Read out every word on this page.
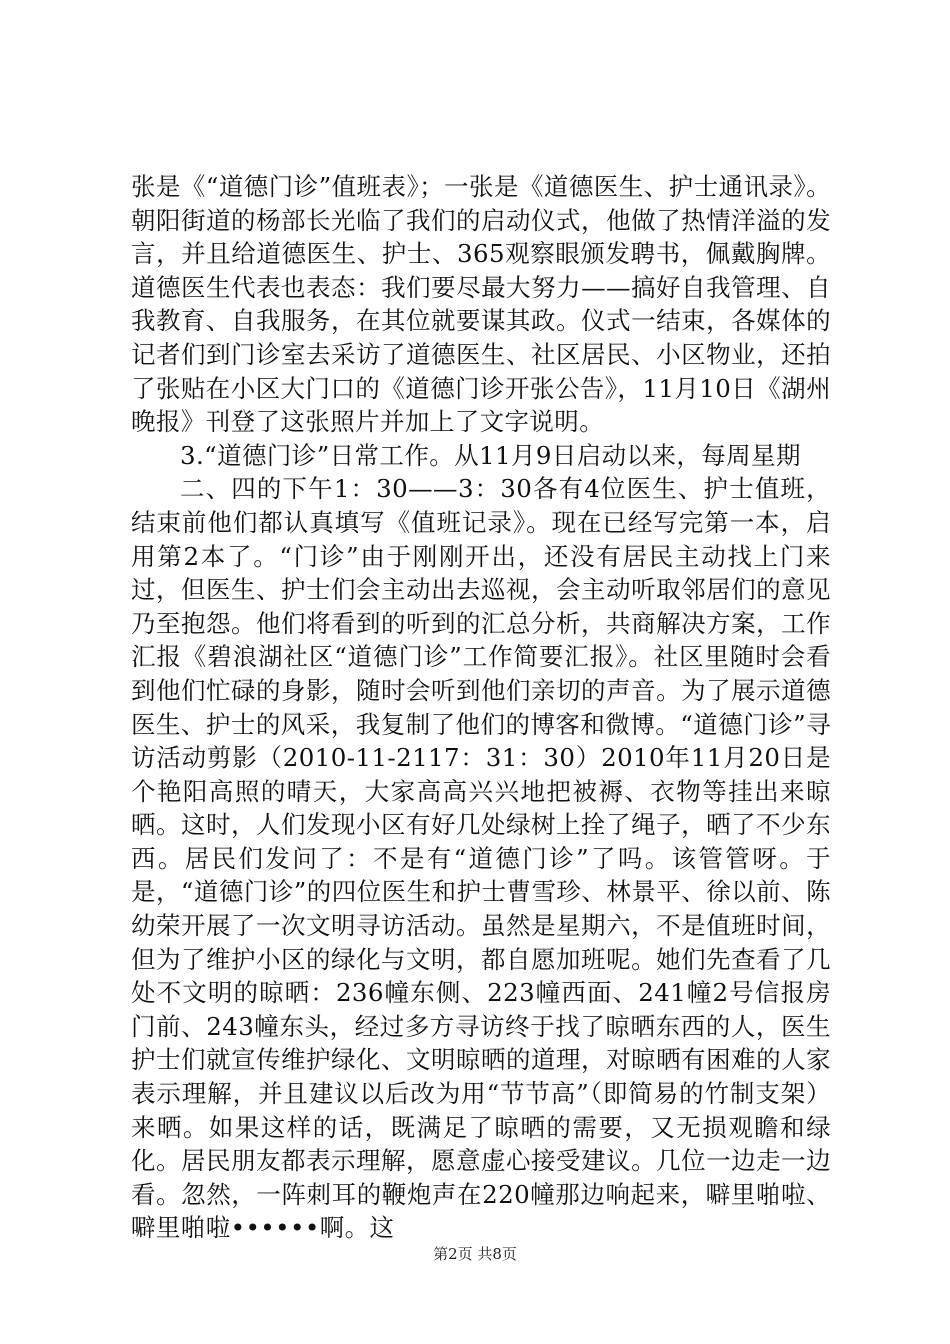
张是《“道德门诊”值班表》；一张是《道德医生、护士通讯录》。朝阳街道的杨部长光临了我们的启动仪式，他做了热情洋溢的发言，并且给道德医生、护士、365观察眼颁发聘书，佩戴胸牌。道德医生代表也表态：我们要尽最大努力——搞好自我管理、自我教育、自我服务，在其位就要谋其政。仪式一结束，各媒体的记者们到门诊室去采访了道德医生、社区居民、小区物业，还拍了张贴在小区大门口的《道德门诊开张公告》，11月10日《湖州晚报》刊登了这张照片并加上了文字说明。

3.“道德门诊”日常工作。从11月9日启动以来，每周星期

二、四的下午1：30——3：30各有4位医生、护士值班，结束前他们都认真填写《值班记录》。现在已经写完第一本，启用第2本了。“门诊”由于刚刚开出，还没有居民主动找上门来过，但医生、护士们会主动出去巡视，会主动听取邻居们的意见乃至抱怨。他们将看到的听到的汇总分析，共商解决方案，工作汇报《碧浪湖社区“道德门诊”工作简要汇报》。社区里随时会看到他们忙碌的身影，随时会听到他们亲切的声音。为了展示道德医生、护士的风采，我复制了他们的博客和微博。“道德门诊”寻访活动剪影（2010-11-2117：31：30）2010年11月20日是个艳阳高照的晴天，大家高高兴兴地把被褥、衣物等挂出来晾晒。这时，人们发现小区有好几处绿树上拴了绳子，晒了不少东西。居民们发问了：不是有“道德门诊”了吗。该管管呀。于是，“道德门诊”的四位医生和护士曹雪珍、林景平、徐以前、陈幼荣开展了一次文明寻访活动。虽然是星期六，不是值班时间，但为了维护小区的绿化与文明，都自愿加班呢。她们先查看了几处不文明的晾晒：236幢东侧、223幢西面、241幢2号信报房门前、243幢东头，经过多方寻访终于找了晾晒东西的人，医生护士们就宣传维护绿化、文明晾晒的道理，对晾晒有困难的人家表示理解，并且建议以后改为用“节节高”（即简易的竹制支架）来晒。如果这样的话，既满足了晾晒的需要，又无损观瞻和绿化。居民朋友都表示理解，愿意虚心接受建议。几位一边走一边看。忽然，一阵刺耳的鞭炮声在220幢那边响起来，噼里啪啦、噼里啪啦••••••啊。这

第2页 共8页
